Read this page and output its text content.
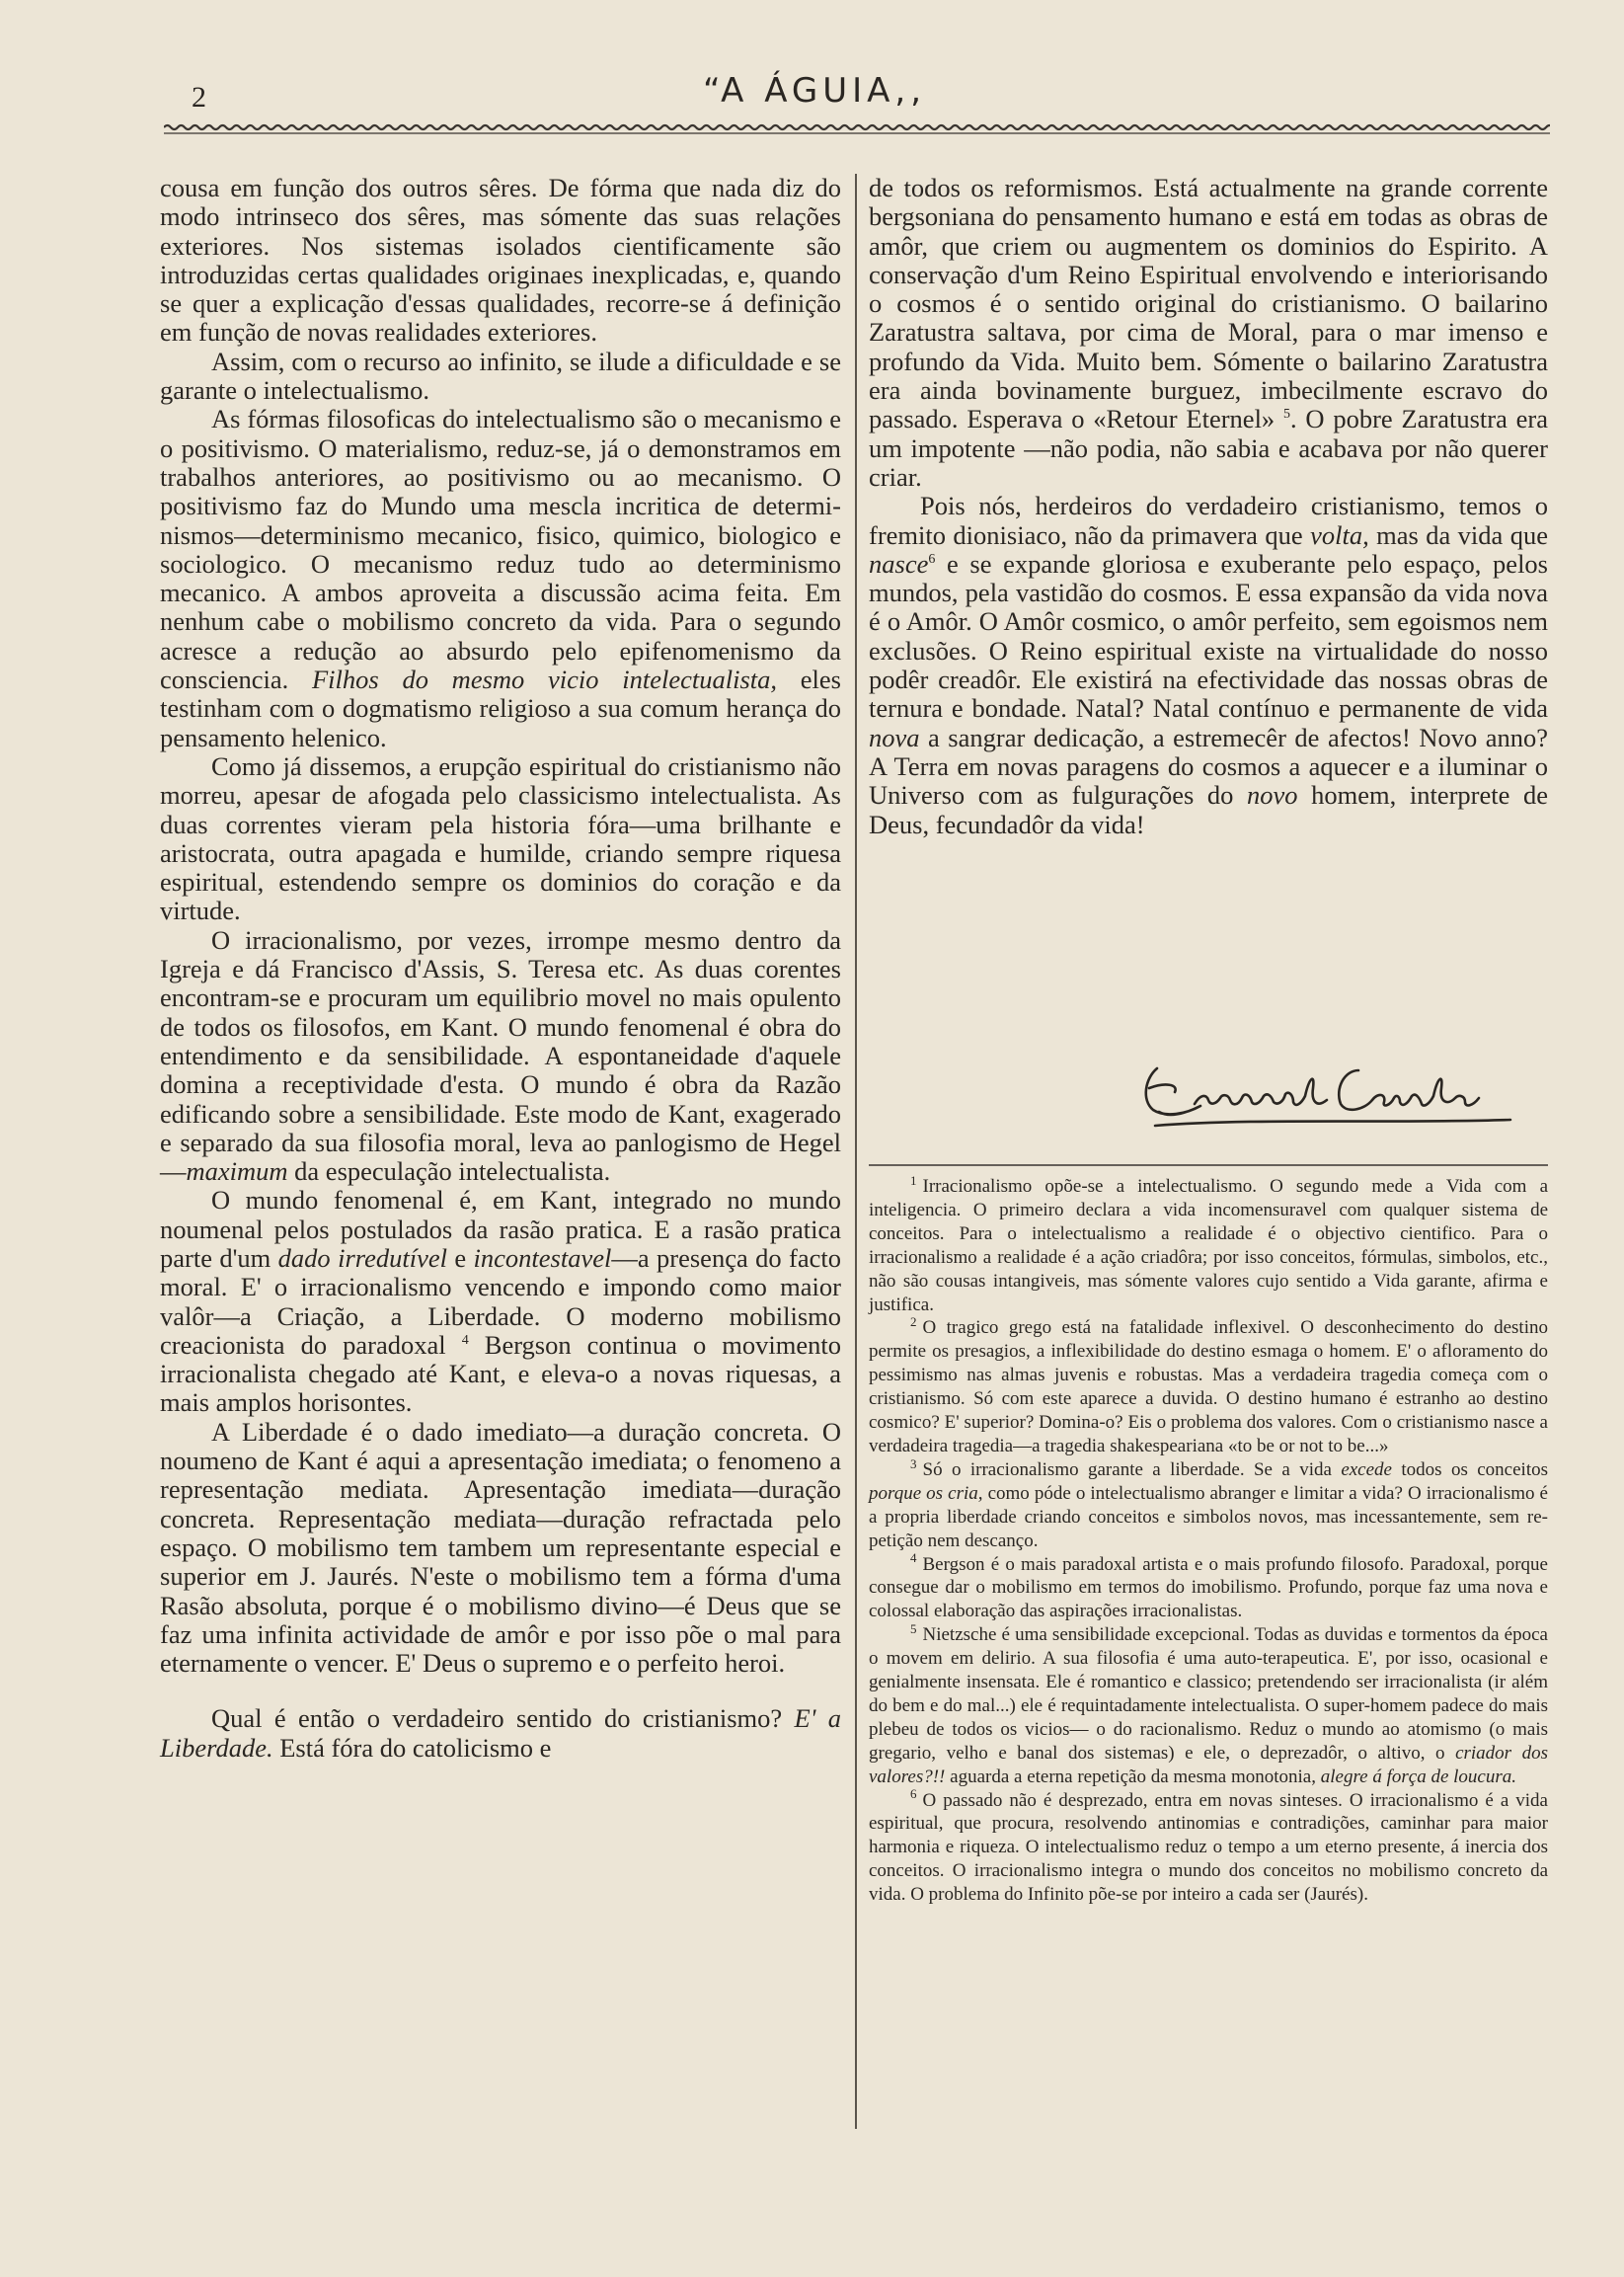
2	“A ÁGUIA,,

cousa em função dos outros sêres. De fórma que nada diz do modo intrinseco dos sêres, mas sómente das suas relações exteriores. Nos sistemas isolados cientificamente são introduzidas certas qualidades originaes inexplicadas, e, quando se quer a explicação d'essas qualidades, recorre-se á definição em função de novas realidades exteriores.

Assim, com o recurso ao infinito, se ilude a dificuldade e se garante o intelectualismo.

As fórmas filosoficas do intelectualismo são o mecanismo e o positivismo. O materialismo, reduz-se, já o demonstramos em trabalhos anteriores, ao positivismo ou ao mecanismo. O positivismo faz do Mundo uma mescla incritica de determinismos—determinismo mecanico, fisico, quimico, biologico e sociologico. O mecanismo reduz tudo ao determinismo mecanico. A ambos aproveita a discussão acima feita. Em nenhum cabe o mobilismo concreto da vida. Para o segundo acresce a redução ao absurdo pelo epifenomenismo da consciencia. Filhos do mesmo vicio intelectualista, eles testinham com o dogmatismo religioso a sua comum herança do pensamento helenico.

Como já dissemos, a erupção espiritual do cristianismo não morreu, apesar de afogada pelo classicismo intelectualista. As duas correntes vieram pela historia fóra—uma brilhante e aristocrata, outra apagada e humilde, criando sempre riquesa espiritual, estendendo sempre os dominios do coração e da virtude.

O irracionalismo, por vezes, irrompe mesmo dentro da Igreja e dá Francisco d'Assis, S. Teresa etc. As duas corentes encontram-se e procuram um equilibrio movel no mais opulento de todos os filosofos, em Kant. O mundo fenomenal é obra do entendimento e da sensibilidade. A espontaneidade d'aquele domina a receptividade d'esta. O mundo é obra da Razão edificando sobre a sensibilidade. Este modo de Kant, exagerado e separado da sua filosofia moral, leva ao panlogismo de Hegel—maximum da especulação intelectualista.

O mundo fenomenal é, em Kant, integrado no mundo noumenal pelos postulados da rasão pratica. E a rasão pratica parte d'um dado irredutível e incontestavel—a presença do facto moral. E' o irracionalismo vencendo e impondo como maior valôr—a Criação, a Liberdade. O moderno mobilismo creacionista do paradoxal $^4$ Bergson continua o movimento irracionalista chegado até Kant, e eleva-o a novas riquesas, a mais amplos horisontes.

A Liberdade é o dado imediato—a duração concreta. O noumeno de Kant é aqui a apresentação imediata; o fenomeno a representação mediata. Apresentação imediata—duração concreta. Representação mediata—duração refractada pelo espaço. O mobilismo tem tambem um representante especial e superior em J. Jaurés. N'este o mobilismo tem a fórma d'uma Rasão absoluta, porque é o mobilismo divino—é Deus que se faz uma infinita actividade de amôr e por isso põe o mal para eternamente o vencer. E' Deus o supremo e o perfeito heroi.

Qual é então o verdadeiro sentido do cristianismo? E' a Liberdade. Está fóra do catolicismo e

de todos os reformismos. Está actualmente na grande corrente bergsoniana do pensamento humano e está em todas as obras de amôr, que criem ou augmentem os dominios do Espirito. A conservação d'um Reino Espiritual envolvendo e interiorisando o cosmos é o sentido original do cristianismo. O bailarino Zaratustra saltava, por cima de Moral, para o mar imenso e profundo da Vida. Muito bem. Sómente o bailarino Zaratustra era ainda bovinamente burguez, imbecilmente escravo do passado. Esperava o «Retour Eternel» $^5$. O pobre Zaratustra era um impotente —não podia, não sabia e acabava por não querer criar.

Pois nós, herdeiros do verdadeiro cristianismo, temos o fremito dionisiaco, não da primavera que volta, mas da vida que nasce$^6$ e se expande gloriosa e exuberante pelo espaço, pelos mundos, pela vastidão do cosmos. E essa expansão da vida nova é o Amôr. O Amôr cosmico, o amôr perfeito, sem egoismos nem exclusões. O Reino espiritual existe na virtualidade do nosso podêr creadôr. Ele existirá na efectividade das nossas obras de ternura e bondade. Natal? Natal contínuo e permanente de vida nova a sangrar dedicação, a estremecêr de afectos! Novo anno? A Terra em novas paragens do cosmos a aquecer e a iluminar o Universo com as fulgurações do novo homem, interprete de Deus, fecundadôr da vida!

$^1$ Irracionalismo opõe-se a intelectualismo. O segundo mede a Vida com a inteligencia. O primeiro declara a vida incomensuravel com qualquer sistema de conceitos. Para o intelectualismo a realidade é o objectivo cientifico. Para o irracionalismo a realidade é a ação criadôra; por isso conceitos, fórmulas, simbolos, etc., não são cousas intangiveis, mas sómente valores cujo sentido a Vida garante, afirma e justifica.

$^2$ O tragico grego está na fatalidade inflexivel. O desconhecimento do destino permite os presagios, a inflexibilidade do destino esmaga o homem. E' o afloramento do pessimismo nas almas juvenis e robustas. Mas a verdadeira tragedia começa com o cristianismo. Só com este aparece a duvida. O destino humano é estranho ao destino cosmico? E' superior? Domina-o? Eis o problema dos valores. Com o cristianismo nasce a verdadeira tragedia—a tragedia shakespeariana «to be or not to be...»

$^3$ Só o irracionalismo garante a liberdade. Se a vida excede todos os conceitos porque os cria, como póde o intelectualismo abranger e limitar a vida? O irracionalismo é a propria liberdade criando conceitos e simbolos novos, mas incessantemente, sem repetição nem descanço.

$^4$ Bergson é o mais paradoxal artista e o mais profundo filosofo. Paradoxal, porque consegue dar o mobilismo em termos do imobilismo. Profundo, porque faz uma nova e colossal elaboração das aspirações irracionalistas.

$^5$ Nietzsche é uma sensibilidade excepcional. Todas as duvidas e tormentos da época o movem em delirio. A sua filosofia é uma auto-terapeutica. E', por isso, ocasional e genialmente insensata. Ele é romantico e classico; pretendendo ser irracionalista (ir além do bem e do mal...) ele é requintadamente intelectualista. O super-homem padece do mais plebeu de todos os vicios— o do racionalismo. Reduz o mundo ao atomismo (o mais gregario, velho e banal dos sistemas) e ele, o deprezadôr, o altivo, o criador dos valores?!! aguarda a eterna repetição da mesma monotonia, alegre á força de loucura.

$^6$ O passado não é desprezado, entra em novas sinteses. O irracionalismo é a vida espiritual, que procura, resolvendo antinomias e contradições, caminhar para maior harmonia e riqueza. O intelectualismo reduz o tempo a um eterno presente, á inercia dos conceitos. O irracionalismo integra o mundo dos conceitos no mobilismo concreto da vida. O problema do Infinito põe-se por inteiro a cada ser (Jaurés).
